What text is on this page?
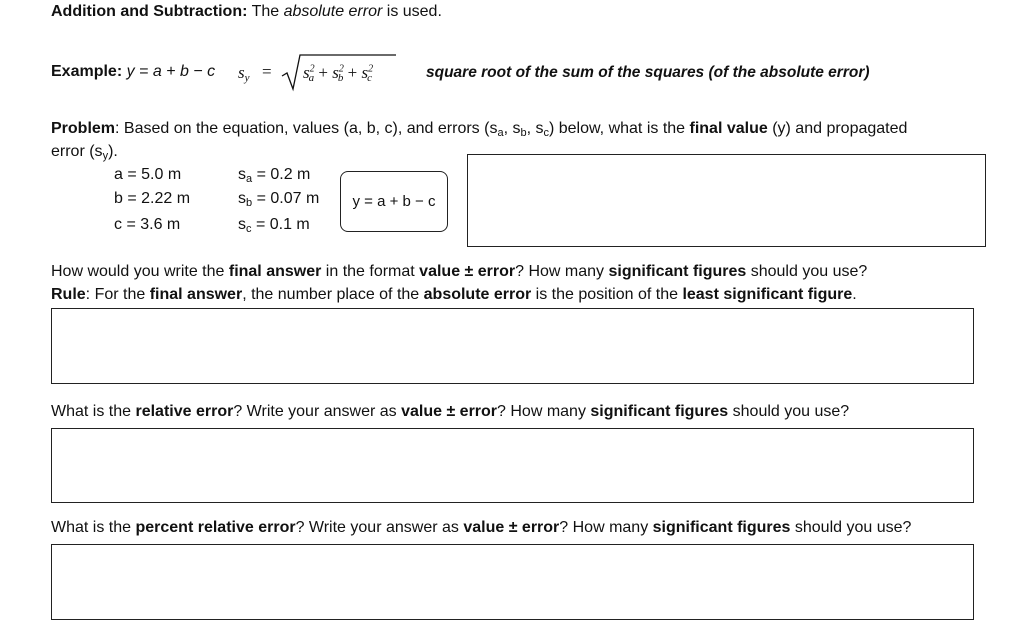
Addition and Subtraction: The absolute error is used.
Example: y = a + b − c $s_y = s^2_a + s^2_b + s^2_c$	square root of the sum of the squares (of the absolute error)
Problem: Based on the equation, values (a, b, c), and errors ($s_a$, $s_b$, $s_c$) below, what is the final value (y) and propagated
error $(s_y)$.
a = 5.0 m
b = 2.22 m
c = 3.6 m
$s_a = 0.2$ m
$s_b = 0.07$ m
$s_c = 0.1$ m
y = a + b − c
How would you write the final answer in the format value ± error? How many significant figures should you use?
Rule: For the final answer, the number place of the absolute error is the position of the least significant figure.
What is the relative error? Write your answer as value ± error? How many significant figures should you use?
What is the percent relative error? Write your answer as value ± error? How many significant figures should you use?
